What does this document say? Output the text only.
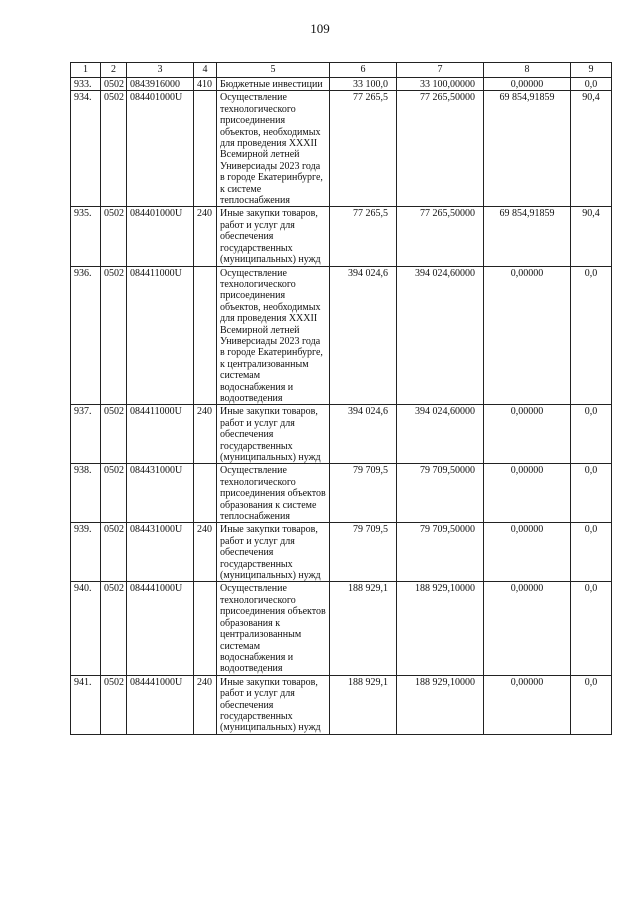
109
1	2	3	4	5	6	7	8	9
933.	0502	0843916000	410	Бюджетные инвестиции	33 100,0	33 100,00000	0,00000	0,0
934.	0502	084401000U		Осуществление технологического присоединения объектов, необходимых для проведения XXXII Всемирной летней Универсиады 2023 года в городе Екатеринбурге, к системе теплоснабжения	77 265,5	77 265,50000	69 854,91859	90,4
935.	0502	084401000U	240	Иные закупки товаров, работ и услуг для обеспечения государственных (муниципальных) нужд	77 265,5	77 265,50000	69 854,91859	90,4
936.	0502	084411000U		Осуществление технологического присоединения объектов, необходимых для проведения XXXII Всемирной летней Универсиады 2023 года в городе Екатеринбурге, к централизованным системам водоснабжения и водоотведения	394 024,6	394 024,60000	0,00000	0,0
937.	0502	084411000U	240	Иные закупки товаров, работ и услуг для обеспечения государственных (муниципальных) нужд	394 024,6	394 024,60000	0,00000	0,0
938.	0502	084431000U		Осуществление технологического присоединения объектов образования к системе теплоснабжения	79 709,5	79 709,50000	0,00000	0,0
939.	0502	084431000U	240	Иные закупки товаров, работ и услуг для обеспечения государственных (муниципальных) нужд	79 709,5	79 709,50000	0,00000	0,0
940.	0502	084441000U		Осуществление технологического присоединения объектов образования к централизованным системам водоснабжения и водоотведения	188 929,1	188 929,10000	0,00000	0,0
941.	0502	084441000U	240	Иные закупки товаров, работ и услуг для обеспечения государственных (муниципальных) нужд	188 929,1	188 929,10000	0,00000	0,0
